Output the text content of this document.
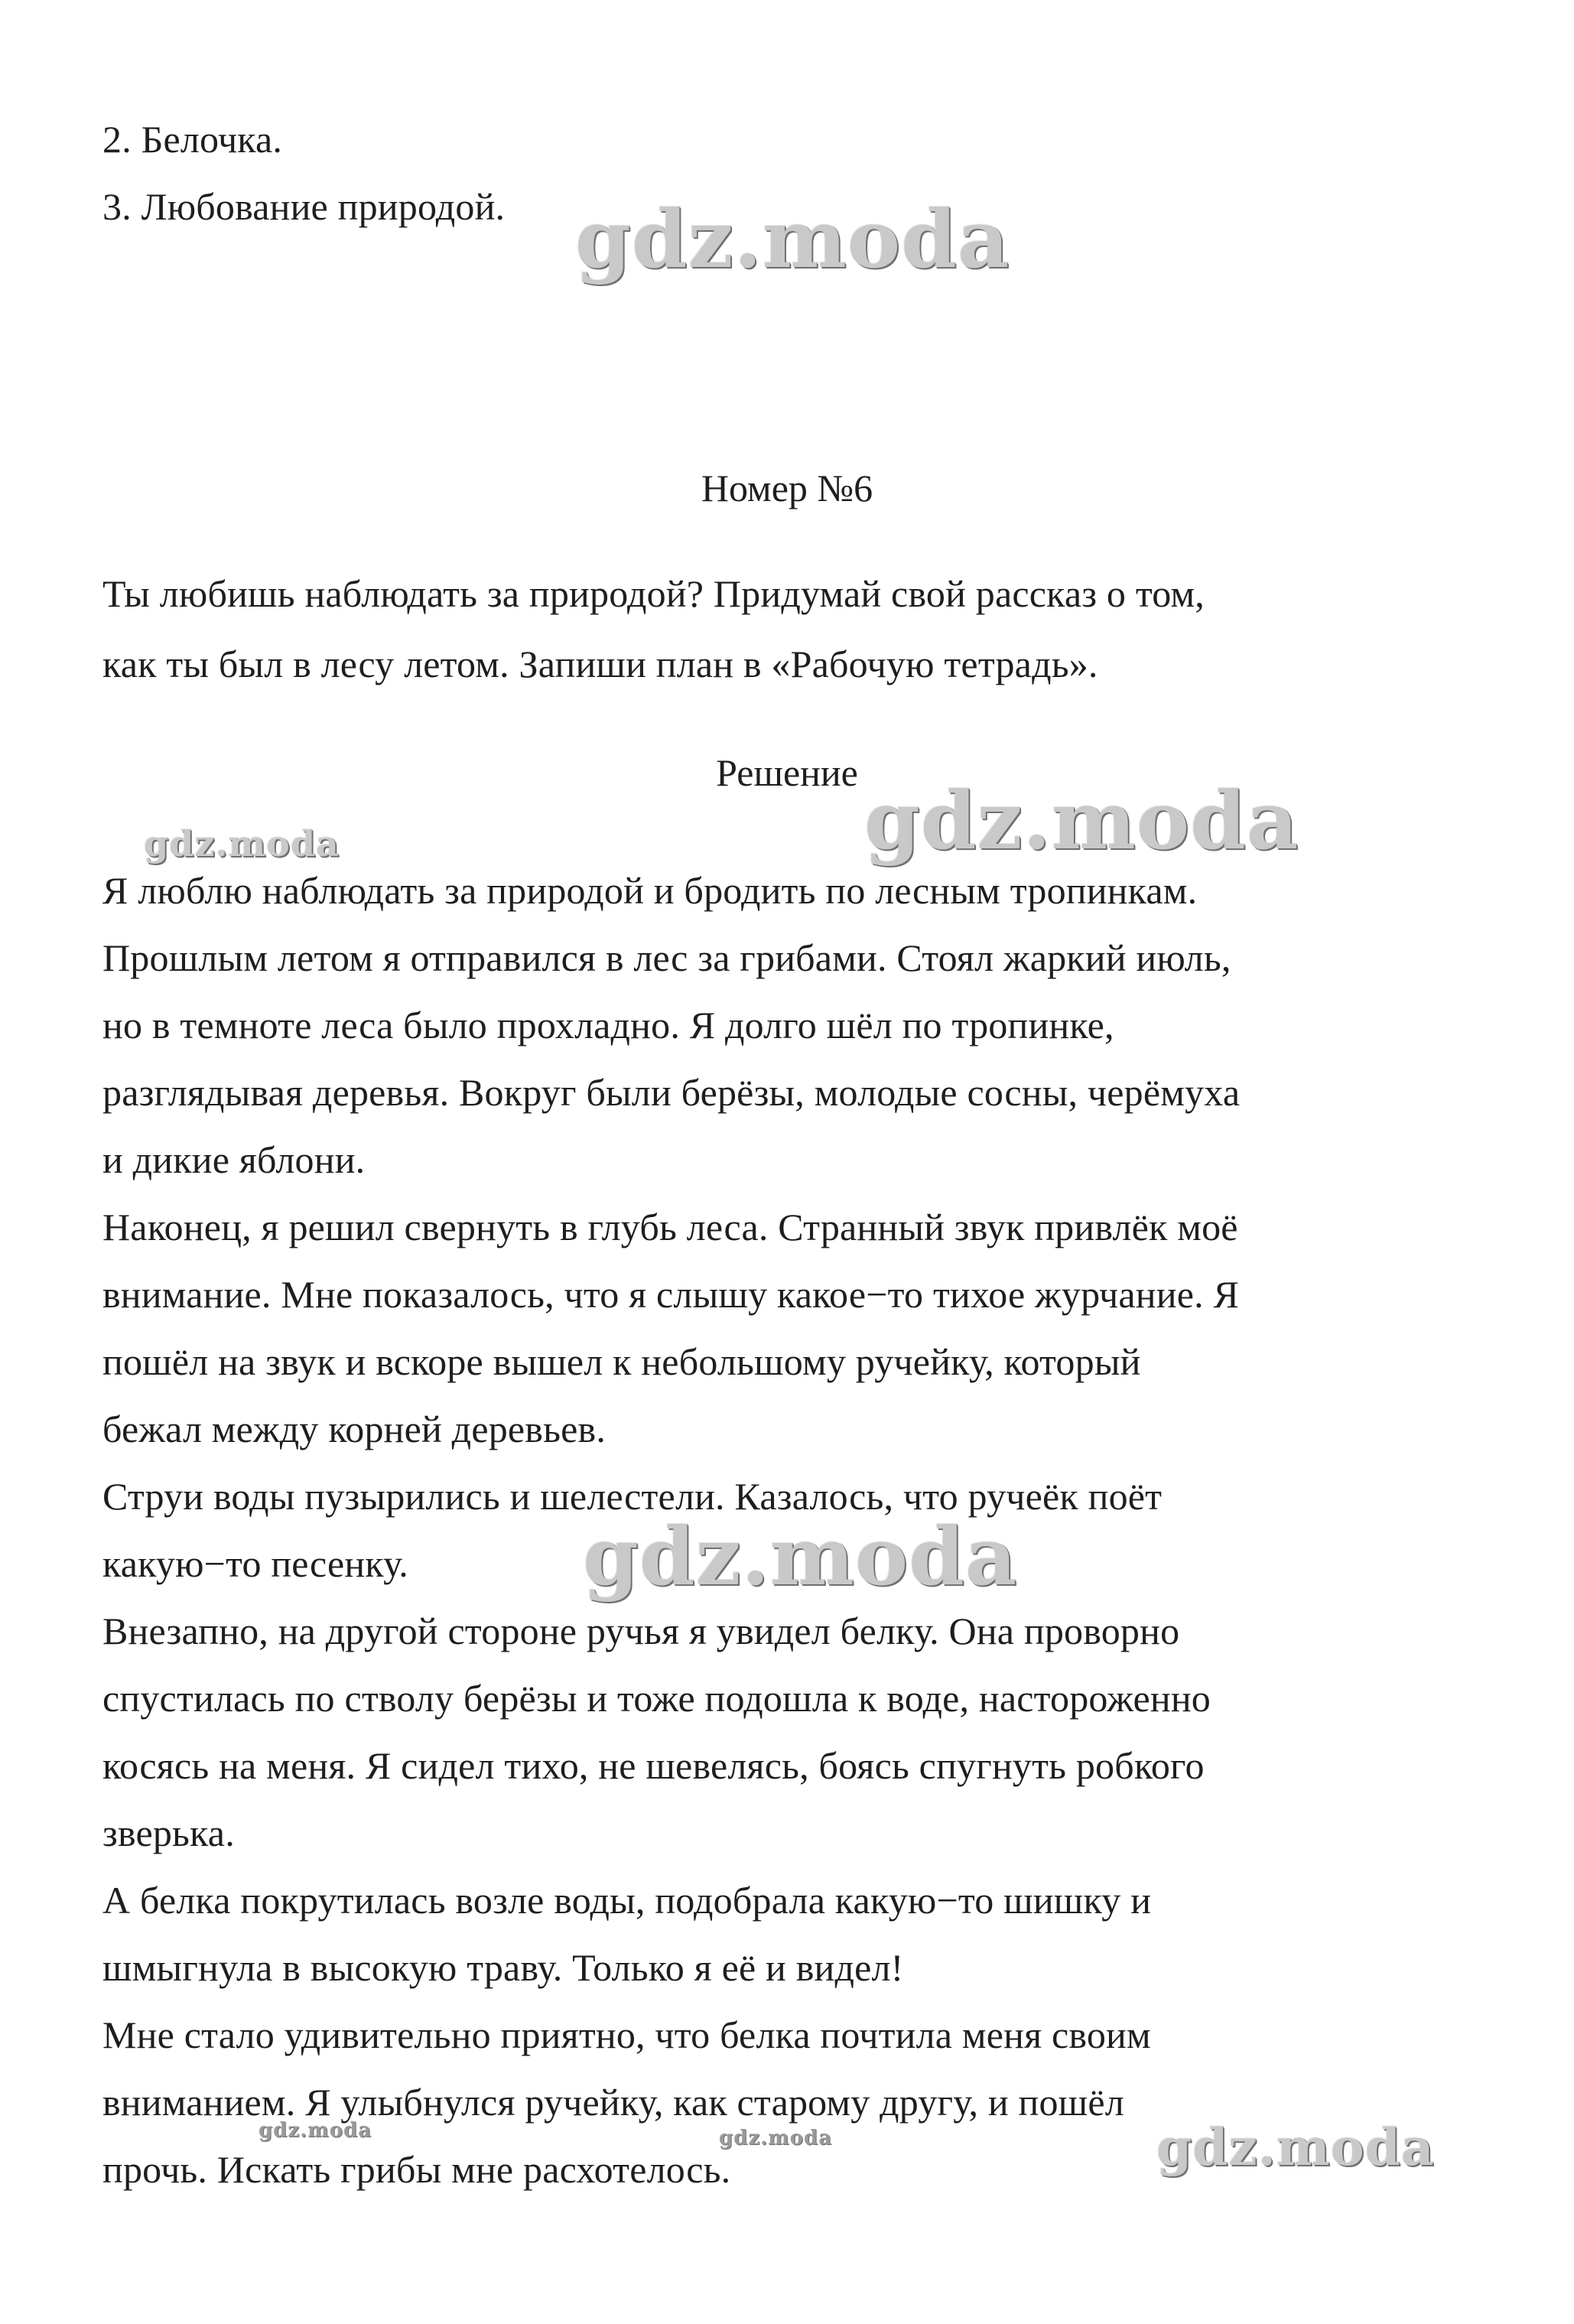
2. Белочка.
3. Любование природой.
Номер №6
Ты любишь наблюдать за природой? Придумай свой рассказ о том,
как ты был в лесу летом. Запиши план в «Рабочую тетрадь».
Решение
Я люблю наблюдать за природой и бродить по лесным тропинкам.
Прошлым летом я отправился в лес за грибами. Стоял жаркий июль,
но в темноте леса было прохладно. Я долго шёл по тропинке,
разглядывая деревья. Вокруг были берёзы, молодые сосны, черёмуха
и дикие яблони.
Наконец, я решил свернуть в глубь леса. Странный звук привлёк моё
внимание. Мне показалось, что я слышу какое−то тихое журчание. Я
пошёл на звук и вскоре вышел к небольшому ручейку, который
бежал между корней деревьев.
Струи воды пузырились и шелестели. Казалось, что ручеёк поёт
какую−то песенку.
Внезапно, на другой стороне ручья я увидел белку. Она проворно
спустилась по стволу берёзы и тоже подошла к воде, настороженно
косясь на меня. Я сидел тихо, не шевелясь, боясь спугнуть робкого
зверька.
А белка покрутилась возле воды, подобрала какую−то шишку и
шмыгнула в высокую траву. Только я её и видел!
Мне стало удивительно приятно, что белка почтила меня своим
вниманием. Я улыбнулся ручейку, как старому другу, и пошёл
прочь. Искать грибы мне расхотелось.
gdz.moda
gdz.moda
gdz.moda
gdz.moda
gdz.moda
gdz.moda	gdz.moda
